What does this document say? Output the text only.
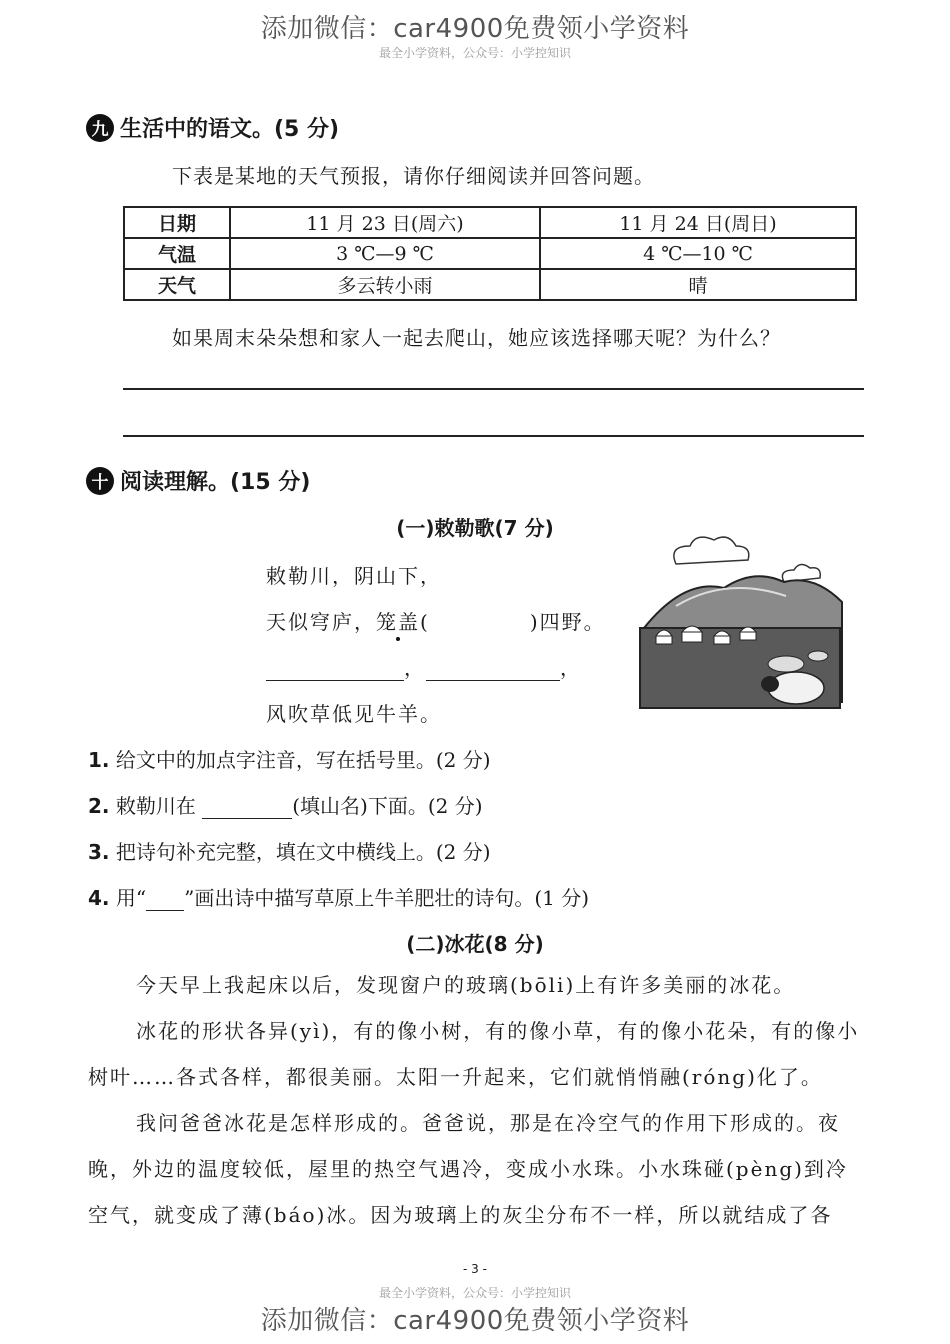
添加微信：car4900免费领小学资料
最全小学资料，公众号：小学控知识
九 生活中的语文。(5 分)
下表是某地的天气预报，请你仔细阅读并回答问题。
日期	11 月 23 日(周六)	11 月 24 日(周日)
气温	3 ℃—9 ℃	4 ℃—10 ℃
天气	多云转小雨	晴
如果周末朵朵想和家人一起去爬山，她应该选择哪天呢？为什么？
十 阅读理解。(15 分)
(一)敕勒歌(7 分)
敕勒川，阴山下，
天似穹庐，笼盖(	)四野。
，	，
风吹草低见牛羊。
1. 给文中的加点字注音，写在括号里。(2 分)
2. 敕勒川在	(填山名)下面。(2 分)
3. 把诗句补充完整，填在文中横线上。(2 分)
4. 用“ ”画出诗中描写草原上牛羊肥壮的诗句。(1 分)
(二)冰花(8 分)
今天早上我起床以后，发现窗户的玻璃(bōli)上有许多美丽的冰花。
冰花的形状各异(yì)，有的像小树，有的像小草，有的像小花朵，有的像小树叶……各式各样，都很美丽。太阳一升起来，它们就悄悄融(róng)化了。
我问爸爸冰花是怎样形成的。爸爸说，那是在冷空气的作用下形成的。夜晚，外边的温度较低，屋里的热空气遇冷，变成小水珠。小水珠碰(pèng)到冷空气，就变成了薄(báo)冰。因为玻璃上的灰尘分布不一样，所以就结成了各
- 3 -
最全小学资料，公众号：小学控知识
添加微信：car4900免费领小学资料
